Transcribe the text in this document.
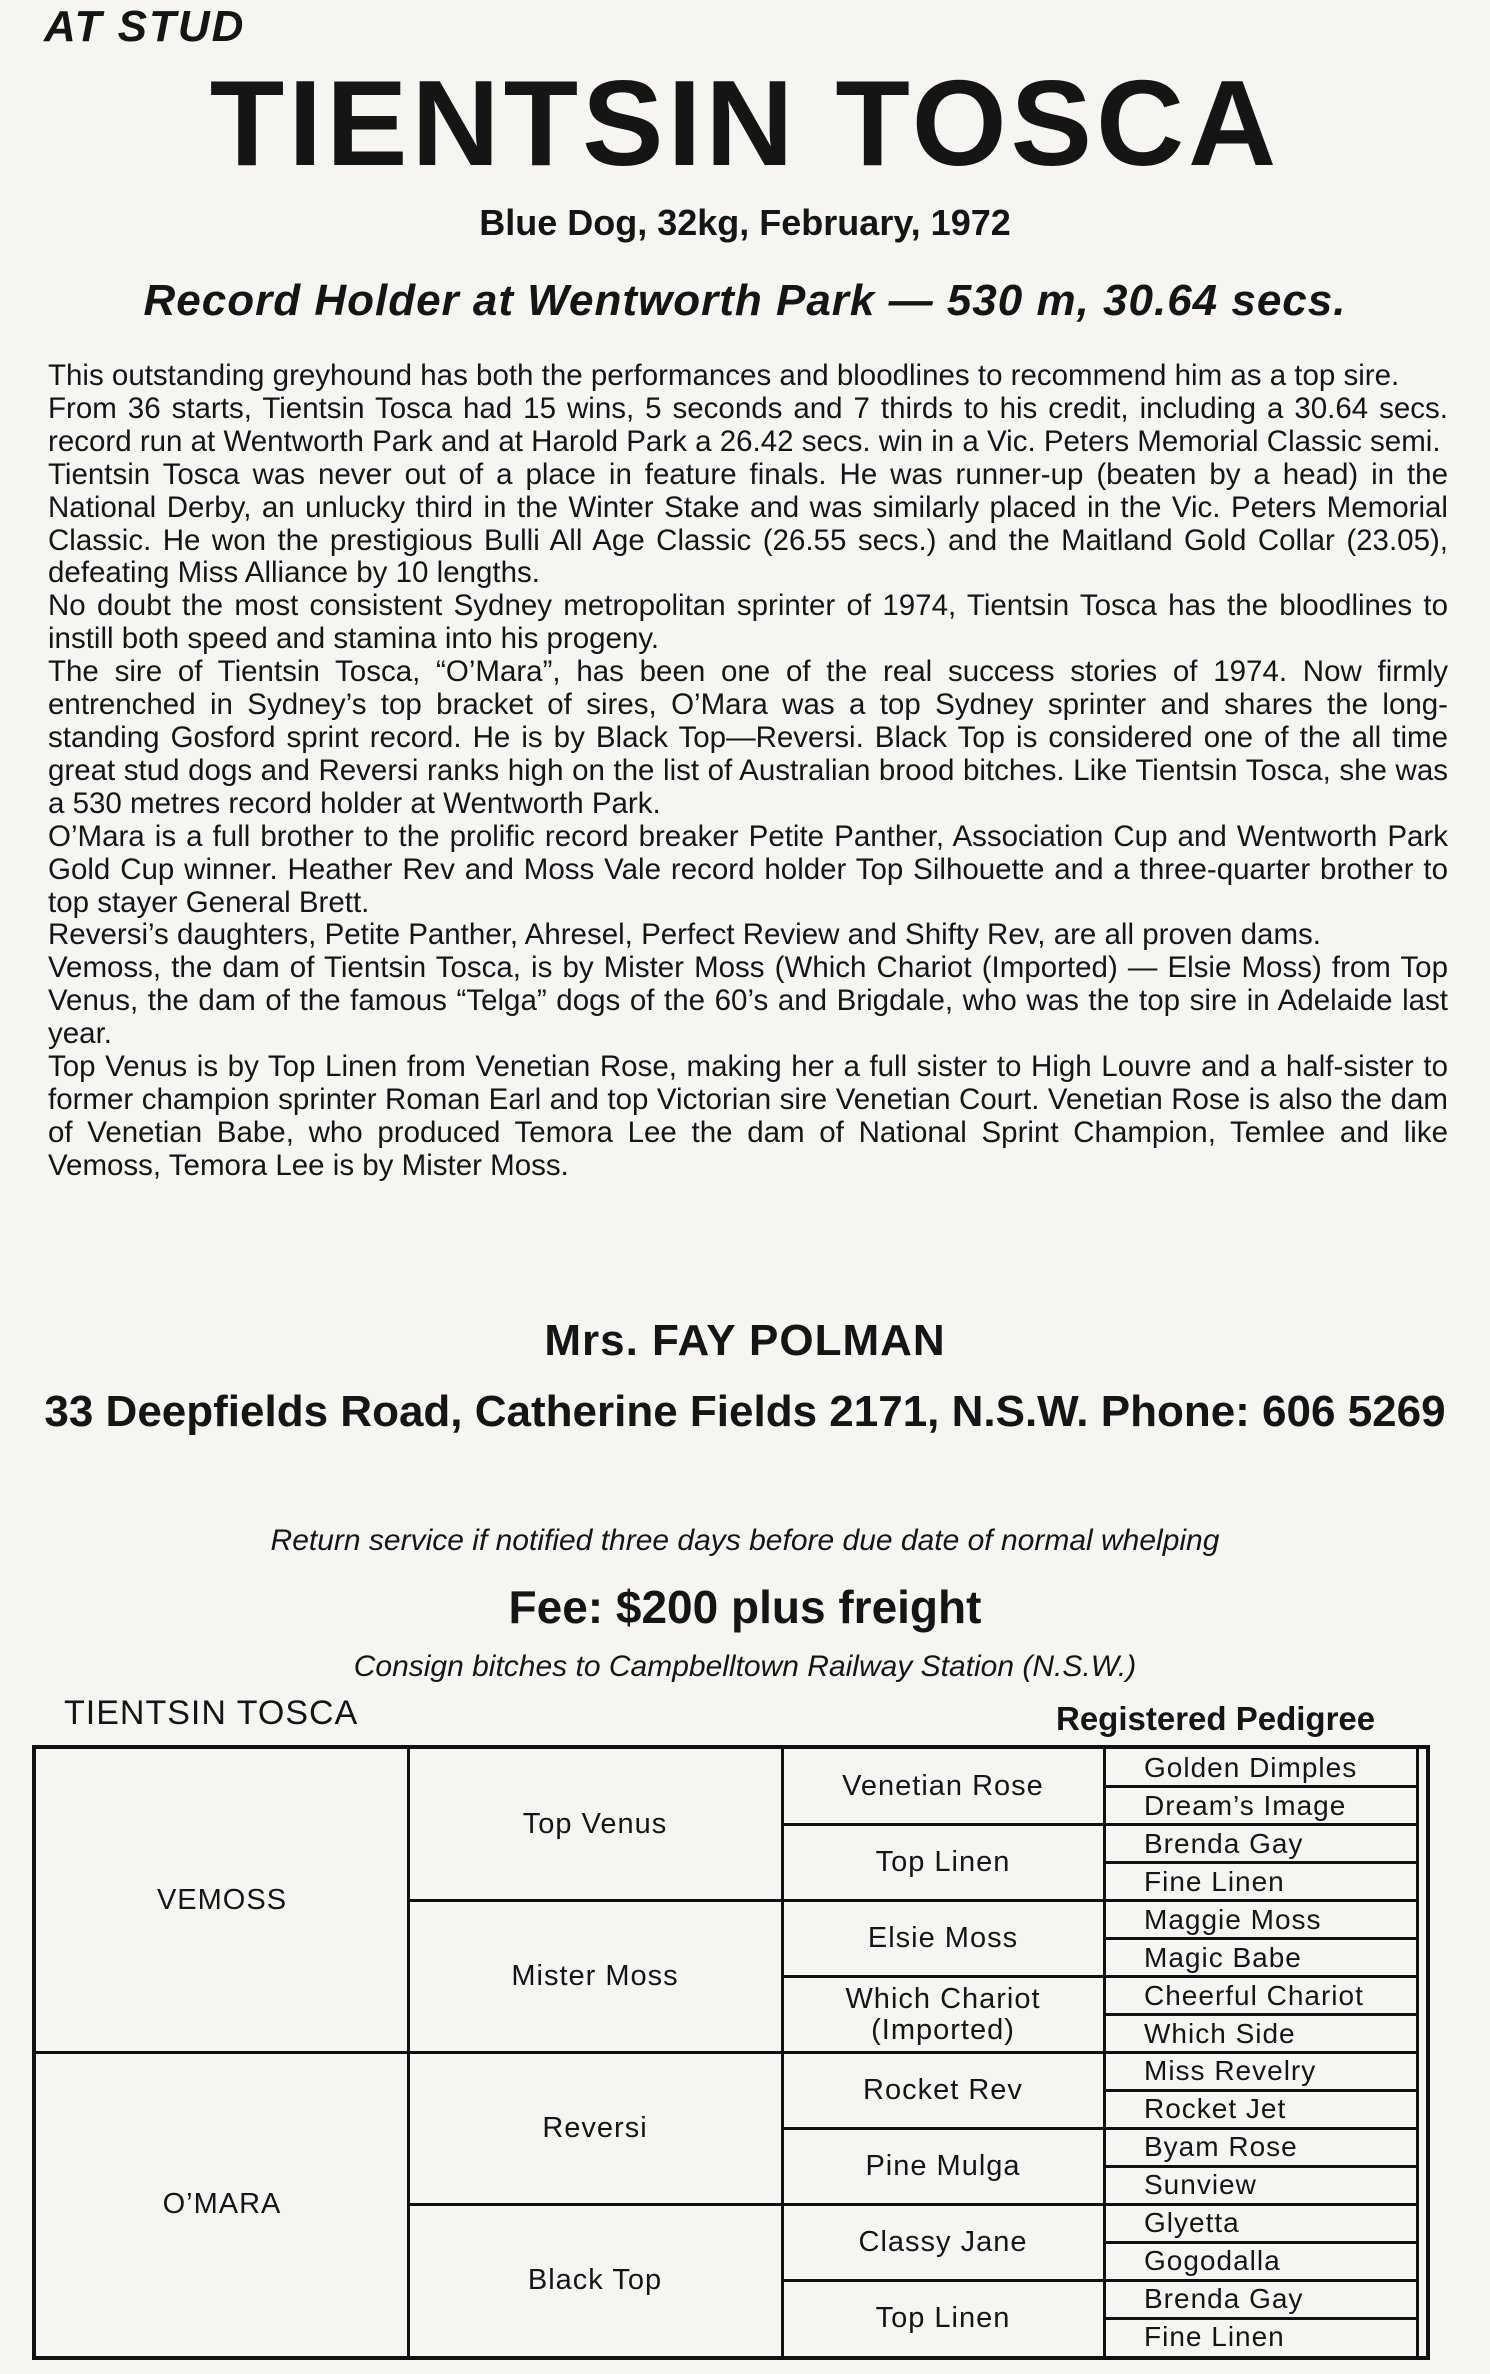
AT STUD
TIENTSIN TOSCA
Blue Dog, 32kg, February, 1972
Record Holder at Wentworth Park — 530 m, 30.64 secs.

This outstanding greyhound has both the performances and bloodlines to recommend him as a top sire.

From 36 starts, Tientsin Tosca had 15 wins, 5 seconds and 7 thirds to his credit, including a 30.64 secs. record run at Wentworth Park and at Harold Park a 26.42 secs. win in a Vic. Peters Memorial Classic semi.

Tientsin Tosca was never out of a place in feature finals. He was runner-up (beaten by a head) in the National Derby, an unlucky third in the Winter Stake and was similarly placed in the Vic. Peters Memorial Classic. He won the prestigious Bulli All Age Classic (26.55 secs.) and the Maitland Gold Collar (23.05), defeating Miss Alliance by 10 lengths.

No doubt the most consistent Sydney metropolitan sprinter of 1974, Tientsin Tosca has the bloodlines to instill both speed and stamina into his progeny.

The sire of Tientsin Tosca, “O’Mara”, has been one of the real success stories of 1974. Now firmly entrenched in Sydney’s top bracket of sires, O’Mara was a top Sydney sprinter and shares the long-standing Gosford sprint record. He is by Black Top—Reversi. Black Top is considered one of the all time great stud dogs and Reversi ranks high on the list of Australian brood bitches. Like Tientsin Tosca, she was a 530 metres record holder at Wentworth Park.

O’Mara is a full brother to the prolific record breaker Petite Panther, Association Cup and Wentworth Park Gold Cup winner. Heather Rev and Moss Vale record holder Top Silhouette and a three-quarter brother to top stayer General Brett.

Reversi’s daughters, Petite Panther, Ahresel, Perfect Review and Shifty Rev, are all proven dams.

Vemoss, the dam of Tientsin Tosca, is by Mister Moss (Which Chariot (Imported) — Elsie Moss) from Top Venus, the dam of the famous “Telga” dogs of the 60’s and Brigdale, who was the top sire in Adelaide last year.

Top Venus is by Top Linen from Venetian Rose, making her a full sister to High Louvre and a half-sister to former champion sprinter Roman Earl and top Victorian sire Venetian Court. Venetian Rose is also the dam of Venetian Babe, who produced Temora Lee the dam of National Sprint Champion, Temlee and like Vemoss, Temora Lee is by Mister Moss.

Mrs. FAY POLMAN
33 Deepfields Road, Catherine Fields 2171, N.S.W. Phone: 606 5269

Return service if notified three days before due date of normal whelping

Fee: $200 plus freight

Consign bitches to Campbelltown Railway Station (N.S.W.)

TIENTSIN TOSCA	Registered Pedigree

VEMOSS
O’MARA
Top Venus
Mister Moss
Reversi
Black Top
Venetian Rose
Top Linen
Elsie Moss
Which Chariot (Imported)
Rocket Rev
Pine Mulga
Classy Jane
Top Linen
Golden Dimples
Dream’s Image
Brenda Gay
Fine Linen
Maggie Moss
Magic Babe
Cheerful Chariot
Which Side
Miss Revelry
Rocket Jet
Byam Rose
Sunview
Glyetta
Gogodalla
Brenda Gay
Fine Linen
